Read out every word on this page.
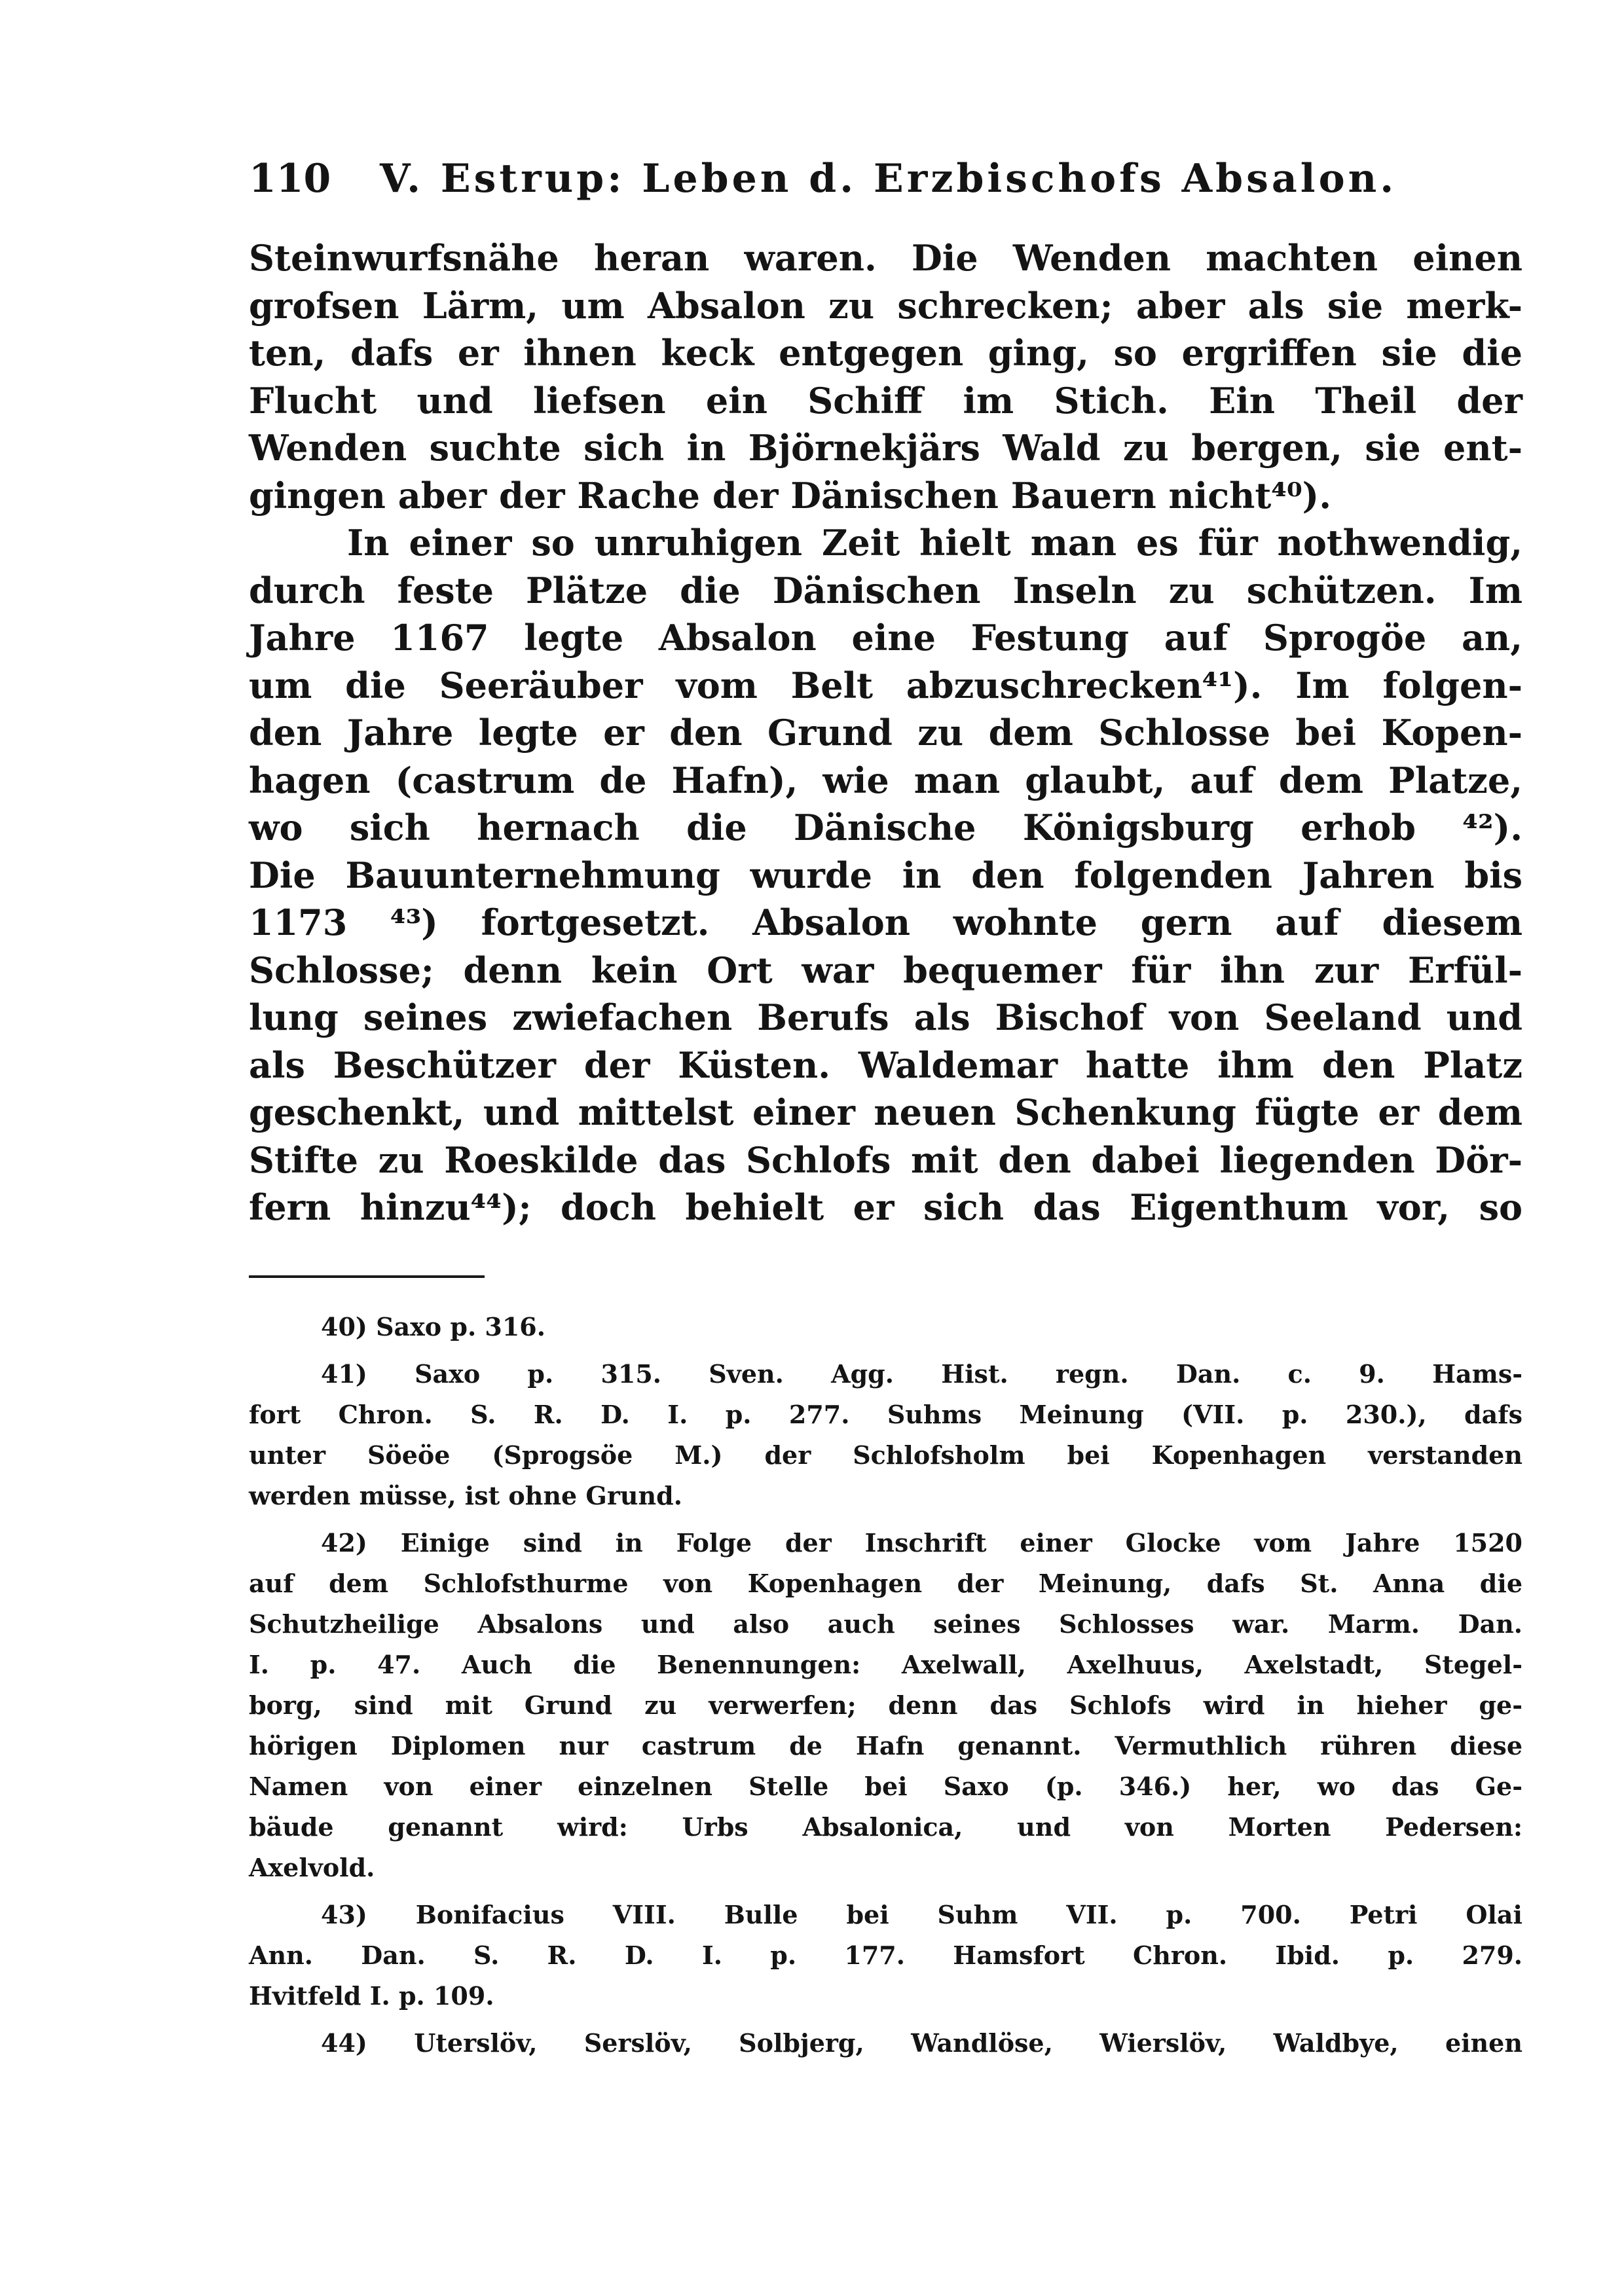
110 V. Estrup: Leben d. Erzbischofs Absalon.
Steinwurfsnähe heran waren. Die Wenden machten einen
grofsen Lärm, um Absalon zu schrecken; aber als sie merk-
ten, dafs er ihnen keck entgegen ging, so ergriffen sie die
Flucht und liefsen ein Schiff im Stich. Ein Theil der
Wenden suchte sich in Björnekjärs Wald zu bergen, sie ent-
gingen aber der Rache der Dänischen Bauern nicht⁴⁰).
In einer so unruhigen Zeit hielt man es für nothwendig,
durch feste Plätze die Dänischen Inseln zu schützen. Im
Jahre 1167 legte Absalon eine Festung auf Sprogöe an,
um die Seeräuber vom Belt abzuschrecken⁴¹). Im folgen-
den Jahre legte er den Grund zu dem Schlosse bei Kopen-
hagen (castrum de Hafn), wie man glaubt, auf dem Platze,
wo sich hernach die Dänische Königsburg erhob ⁴²).
Die Bauunternehmung wurde in den folgenden Jahren bis
1173 ⁴³) fortgesetzt. Absalon wohnte gern auf diesem
Schlosse; denn kein Ort war bequemer für ihn zur Erfül-
lung seines zwiefachen Berufs als Bischof von Seeland und
als Beschützer der Küsten. Waldemar hatte ihm den Platz
geschenkt, und mittelst einer neuen Schenkung fügte er dem
Stifte zu Roeskilde das Schlofs mit den dabei liegenden Dör-
fern hinzu⁴⁴); doch behielt er sich das Eigenthum vor, so
40) Saxo p. 316.
41) Saxo p. 315. Sven. Agg. Hist. regn. Dan. c. 9. Hams-
fort Chron. S. R. D. I. p. 277. Suhms Meinung (VII. p. 230.), dafs
unter Söeöe (Sprogsöe M.) der Schlofsholm bei Kopenhagen verstanden
werden müsse, ist ohne Grund.
42) Einige sind in Folge der Inschrift einer Glocke vom Jahre 1520
auf dem Schlofsthurme von Kopenhagen der Meinung, dafs St. Anna die
Schutzheilige Absalons und also auch seines Schlosses war. Marm. Dan.
I. p. 47. Auch die Benennungen: Axelwall, Axelhuus, Axelstadt, Stegel-
borg, sind mit Grund zu verwerfen; denn das Schlofs wird in hieher ge-
hörigen Diplomen nur castrum de Hafn genannt. Vermuthlich rühren diese
Namen von einer einzelnen Stelle bei Saxo (p. 346.) her, wo das Ge-
bäude genannt wird: Urbs Absalonica, und von Morten Pedersen:
Axelvold.
43) Bonifacius VIII. Bulle bei Suhm VII. p. 700. Petri Olai
Ann. Dan. S. R. D. I. p. 177. Hamsfort Chron. Ibid. p. 279.
Hvitfeld I. p. 109.
44) Uterslöv, Serslöv, Solbjerg, Wandlöse, Wierslöv, Waldbye, einen
